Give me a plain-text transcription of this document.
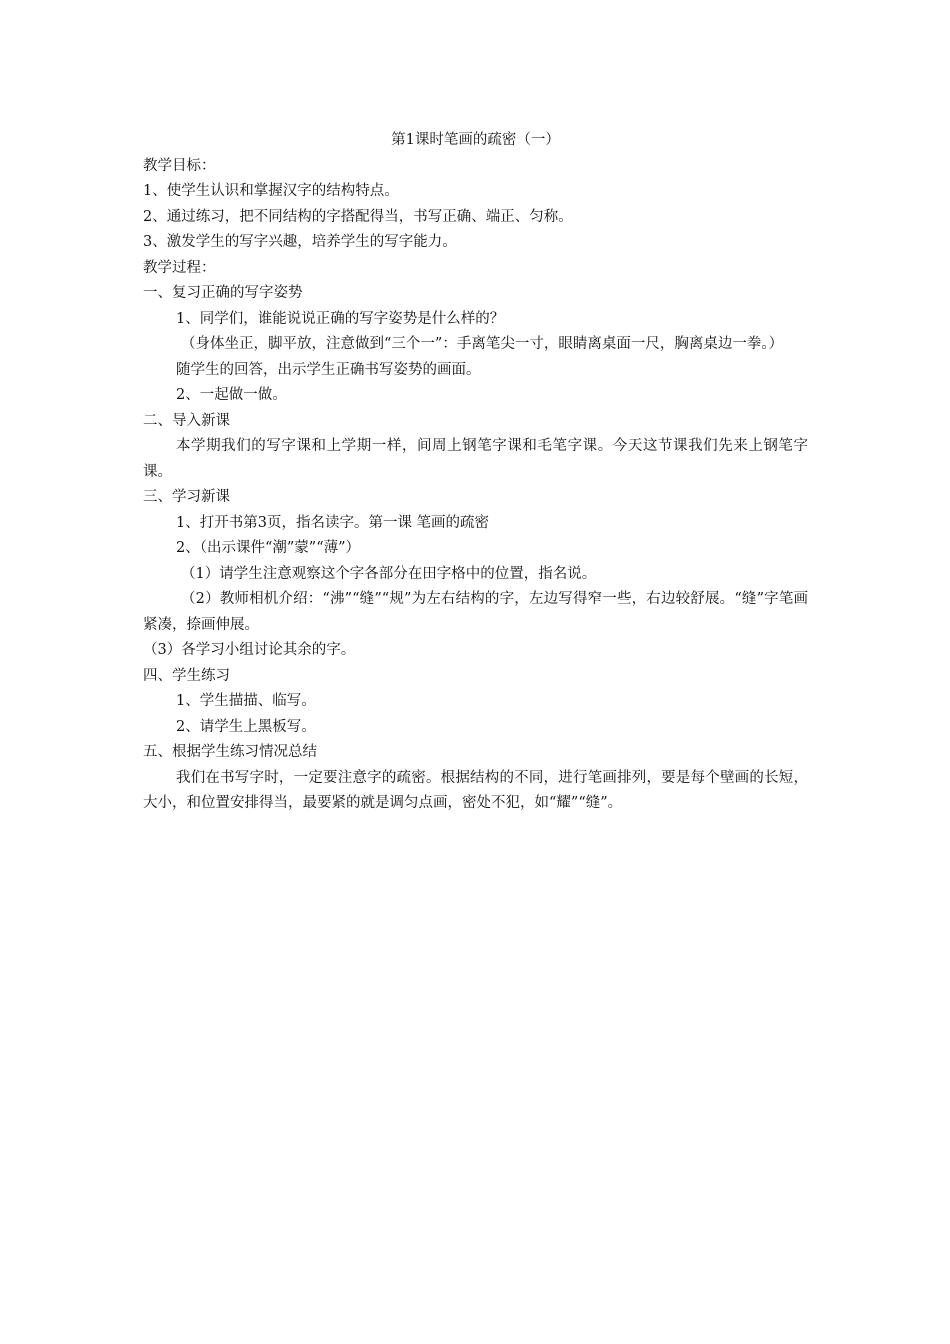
第1课时笔画的疏密（一）

教学目标：

1、使学生认识和掌握汉字的结构特点。

2、通过练习，把不同结构的字搭配得当，书写正确、端正、匀称。

3、激发学生的写字兴趣，培养学生的写字能力。

教学过程：

一、复习正确的写字姿势

1、同学们，谁能说说正确的写字姿势是什么样的？

（身体坐正，脚平放，注意做到“三个一”：手离笔尖一寸，眼睛离桌面一尺，胸离桌边一拳。）

随学生的回答，出示学生正确书写姿势的画面。

2、一起做一做。

二、导入新课

本学期我们的写字课和上学期一样，间周上钢笔字课和毛笔字课。今天这节课我们先来上钢笔字课。

三、学习新课

1、打开书第3页，指名读字。第一课 笔画的疏密

2、（出示课件“潮”蒙”“薄”）

（1）请学生注意观察这个字各部分在田字格中的位置，指名说。

（2）教师相机介绍：“沸”“缝”“规”为左右结构的字，左边写得窄一些，右边较舒展。“缝”字笔画紧凑，捺画伸展。

（3）各学习小组讨论其余的字。

四、学生练习

1、学生描描、临写。

2、请学生上黑板写。

五、根据学生练习情况总结

我们在书写字时，一定要注意字的疏密。根据结构的不同，进行笔画排列，要是每个壁画的长短，大小，和位置安排得当，最要紧的就是调匀点画，密处不犯，如“耀”“缝”。
